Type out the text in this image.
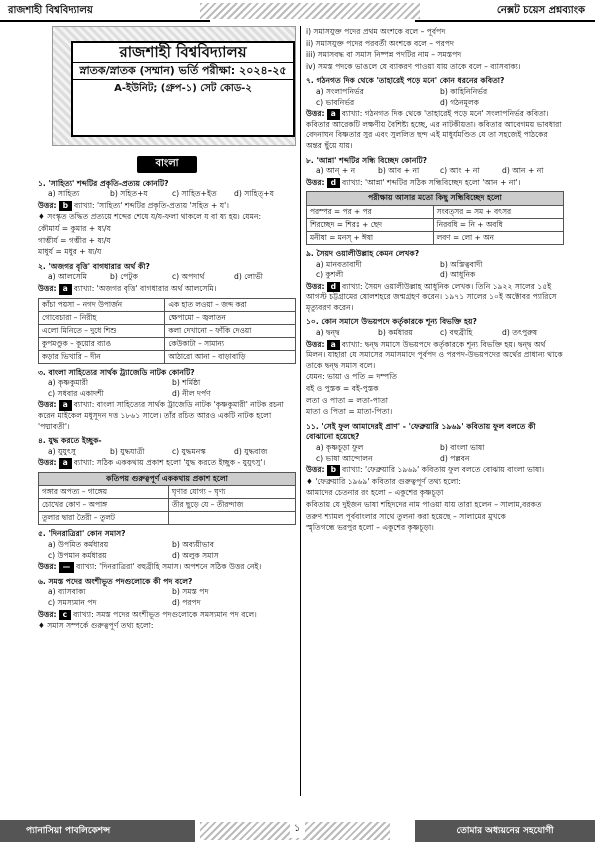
রাজশাহী বিশ্ববিদ্যালয়	নেক্সট চয়েস প্রশ্নব্যাংক
রাজশাহী বিশ্ববিদ্যালয়
স্নাতক/স্নাতক (সম্মান) ভর্তি পরীক্ষা: ২০২৪-২৫
A-ইউনিট; (গ্রুপ-১) সেট কোড-২
বাংলা
১. 'সাহিত্য' শব্দটির প্রকৃতি-প্রত্যয় কোনটি?
a) সাহিত্য	b) সহিত+য	c) সাহিত+ইত	d) সাহিত্+য
উত্তর: b ব্যাখ্যা: 'সাহিত্য' শব্দটির প্রকৃতি-প্রত্যয় 'সহিত + য'।
♦ সংস্কৃত তদ্ধিত প্রত্যয়ে শব্দের শেষে য/য-ফলা থাকলে য বা ষ্য হয়। যেমন:
কৌমার্য = কুমার + ষ্য/য
গাম্ভীর্য = গম্ভীর + ষ্য/য
মাধুর্য = মধুর + ষ্য/য
২. 'অজগর বৃত্তি' বাগধারার অর্থ কী?
a) আলসেমি	b) পেটুক	c) অপদার্থ	d) লোভী
উত্তর: a ব্যাখ্যা: 'অজগর বৃত্তি' বাগধারার অর্থ আলসেমি।
কাঁচা পয়সা – নগদ উপার্জন	এক হাত লওয়া – জব্দ করা
গোবেচারা – নিরীহ	ক্ষেপামো – জ্বলাতন
এলো মিনিতে – দুধে শিশু	কলা দেখানো – ফাঁকি দেওয়া
কুপমণ্ডুক – কূয়োর ব্যাঙ	কেউকাটা – সামান্য
কড়ার ভিখারি – দীন	আঠারো আনা – বাড়াবাড়ি
৩. বাংলা সাহিত্যের সার্থক ট্র্যাজেডি নাটক কোনটি?
a) কৃষ্ণকুমারী	b) শর্মিষ্ঠা
c) সধবার একাদশী	d) নীল দর্পণ
উত্তর: a ব্যাখ্যা: বাংলা সাহিত্যের সার্থক ট্রাজেডি নাটক 'কৃষ্ণকুমারী' নাটক রচনা করেন মাইকেল মধুসূদন দত্ত ১৮৬১ সালে। তাঁর রচিত আরও একটি নাটক হলো 'পদ্মাবতী'।
৪. যুদ্ধ করতে ইচ্ছুক-
a) যুযুৎসু	b) যুদ্ধযাত্রী	c) যুদ্ধমনস্ক	d) যুদ্ধবাজ
উত্তর: a ব্যাখ্যা: সঠিক এককথায় প্রকাশ হলো 'যুদ্ধ করতে ইচ্ছুক - যুযুৎসু'।
কতিপয় গুরুত্বপূর্ণ এককথায় প্রকাশ হলো	
গঙ্গার অপত্য – গাঙ্গেয়	ঘৃণার যোগ্য – ঘৃণ্য
চোখের কোণ – অপাঙ্গ	তীর ছুড়ে যে – তীরন্দাজ
তুলার দ্বারা তৈরী – তুলট	
৫. 'দিনরাত্রিরা' কোন সমাস?
a) উপমিত কর্মধারয়	b) অব্যয়ীভাব
c) উপমান কর্মধারয়	d) অলুক সমাস
উত্তর: — ব্যাখ্যা: 'দিনরাত্রিরা' বহুব্রীহি সমাস। অপশনে সঠিক উত্তর নেই।
৬. সমস্ত পদের অংশীভূত পদগুলোকে কী পদ বলে?
a) ব্যাসবাক্য	b) সমস্ত পদ
c) সমস্যমান পদ	d) পরপদ
উত্তর: c ব্যাখ্যা: সমস্ত পদের অংশীভূত পদগুলোকে সমস্যমান পদ বলে।
♦ সমাস সম্পর্কে গুরুত্বপূর্ণ তথ্য হলো:
i) সমাসযুক্ত পদের প্রথম অংশকে বলে – পূর্বপদ
ii) সমাসযুক্ত পদের পরবর্তী অংশকে বলে – পরপদ
iii) সমাসবদ্ধ বা সমাস নিষ্পন্ন পদটির নাম – সমস্তপদ
iv) সমস্ত পদকে ভাঙলে যে ব্যাকরণ পাওয়া যায় তাকে বলে – ব্যাসবাক্য।
৭. গঠনগত দিক থেকে 'তাহারেই পড়ে মনে' কোন ধরনের কবিতা?
a) সংলাপনির্ভর	b) কাহিনিনির্ভর
c) ভাবনির্ভর	d) গঠনমূলক
উত্তর: a ব্যাখ্যা: গঠনগত দিক থেকে 'তাহারেই পড়ে মনে' সংলাপনির্ভর কবিতা। কবিতার আরেকটি লক্ষণীয় বৈশিষ্ট্য হচ্ছে, এর নাটকীয়তা। কবিতার আবেগময় ভাবধারা বেদনাঘন বিষ্ণতার সুর এবং সুললিত ছন্দ এই মাধুর্যমণ্ডিত যে তা সহজেই পাঠকের অন্তর ছুঁয়ে যায়।
৮. 'আন্না' শব্দটির সন্ধি বিচ্ছেদ কোনটি?
a) আন্ + ন	b) আব + না	c) আং + না	d) আন + না
উত্তর: d ব্যাখ্যা: 'আন্না' শব্দটির সঠিক সন্ধিবিচ্ছেদ হলো 'আন + না'।
পরীক্ষায় আসার মতো কিছু সন্ধিবিচ্ছেদ হলো	
পরম্পর = পর + পর	সংবত্সর = সম + বৎসর
শিরচ্ছেদ = শিরঃ + ছেদ	নিরবধি = নি + অবধি
মনীষা = মনস্ + ঈষা	লবণ = লো + অন
৯. সৈয়দ ওয়ালীউল্লাহ কেমন লেখক?
a) মানবতাবাদী	b) অস্তিত্ববাদী
c) কুশলী	d) আধুনিক
উত্তর: d ব্যাখ্যা: সৈয়দ ওয়ালীউল্লাহ আধুনিক লেখক। তিনি ১৯২২ সালের ১৫ই আগস্ট চট্টগ্রামের ষোলশহরে জন্মগ্রহণ করেন। ১৯৭১ সালের ১০ই অক্টোবর প্যারিসে মৃত্যুবরণ করেন।
১০. কোন সমাসে উভয়পদে কর্তৃকারকে শূন্য বিভক্তি হয়?
a) দ্বন্দ্ব	b) কর্মধারয়	c) বহুব্রীহি	d) তৎপুরুষ
উত্তর: a ব্যাখ্যা: দ্বন্দ্ব সমাসে উভয়পদে কর্তৃকারকে শূন্য বিভক্তি হয়। দ্বন্দ্ব অর্থ মিলন। যাহারা যে সমাসের সমাসমাদে পূর্বপদ ও পরপদ-উভয়পদের অর্থের প্রাধান্য থাকে তাকে দ্বন্দ্ব সমাস বলে।
যেমন: ভায়া ও পতি = দম্পতি
বই ও পুস্তক = বই-পুস্তক
লতা ও পাতা = লতা-পাতা
মাতা ও পিতা = মাতা-পিতা।
১১. 'সেই ফুল আমাদেরই প্রাণ' - 'ফেব্রুয়ারি ১৯৬৯' কবিতায় ফুল বলতে কী বোঝানো হয়েছে?
a) কৃষ্ণচূড়া ফুল	b) বাংলা ভাষা
c) ভাষা আন্দোলন	d) পল্লবন
উত্তর: b ব্যাখ্যা: 'ফেব্রুয়ারি ১৯৬৯' কবিতায় ফুল বলতে বোঝায় বাংলা ভাষা।
♦ 'ফেব্রুয়ারি ১৯৬৯' কবিতার গুরুত্বপূর্ণ তথ্য হলো:
আমাদের চেতনার রং হলো – একুশের কৃষ্ণচূড়া
কবিতায় যে দুইজন ভাষা শহিদদের নাম পাওয়া যায় তারা হলেন – সালাম,বরকত
তরুণ শ্যামল পূর্ববাংলার সাথে তুলনা করা হয়েছে – সালামের মুখকে
স্মৃতিগন্ধে ভরপুর হলো – একুশের কৃষ্ণচূড়া।
প্যানাসিয়া পাবলিকেশন্স	১	তোমার অধ্যয়নের সহযোগী
